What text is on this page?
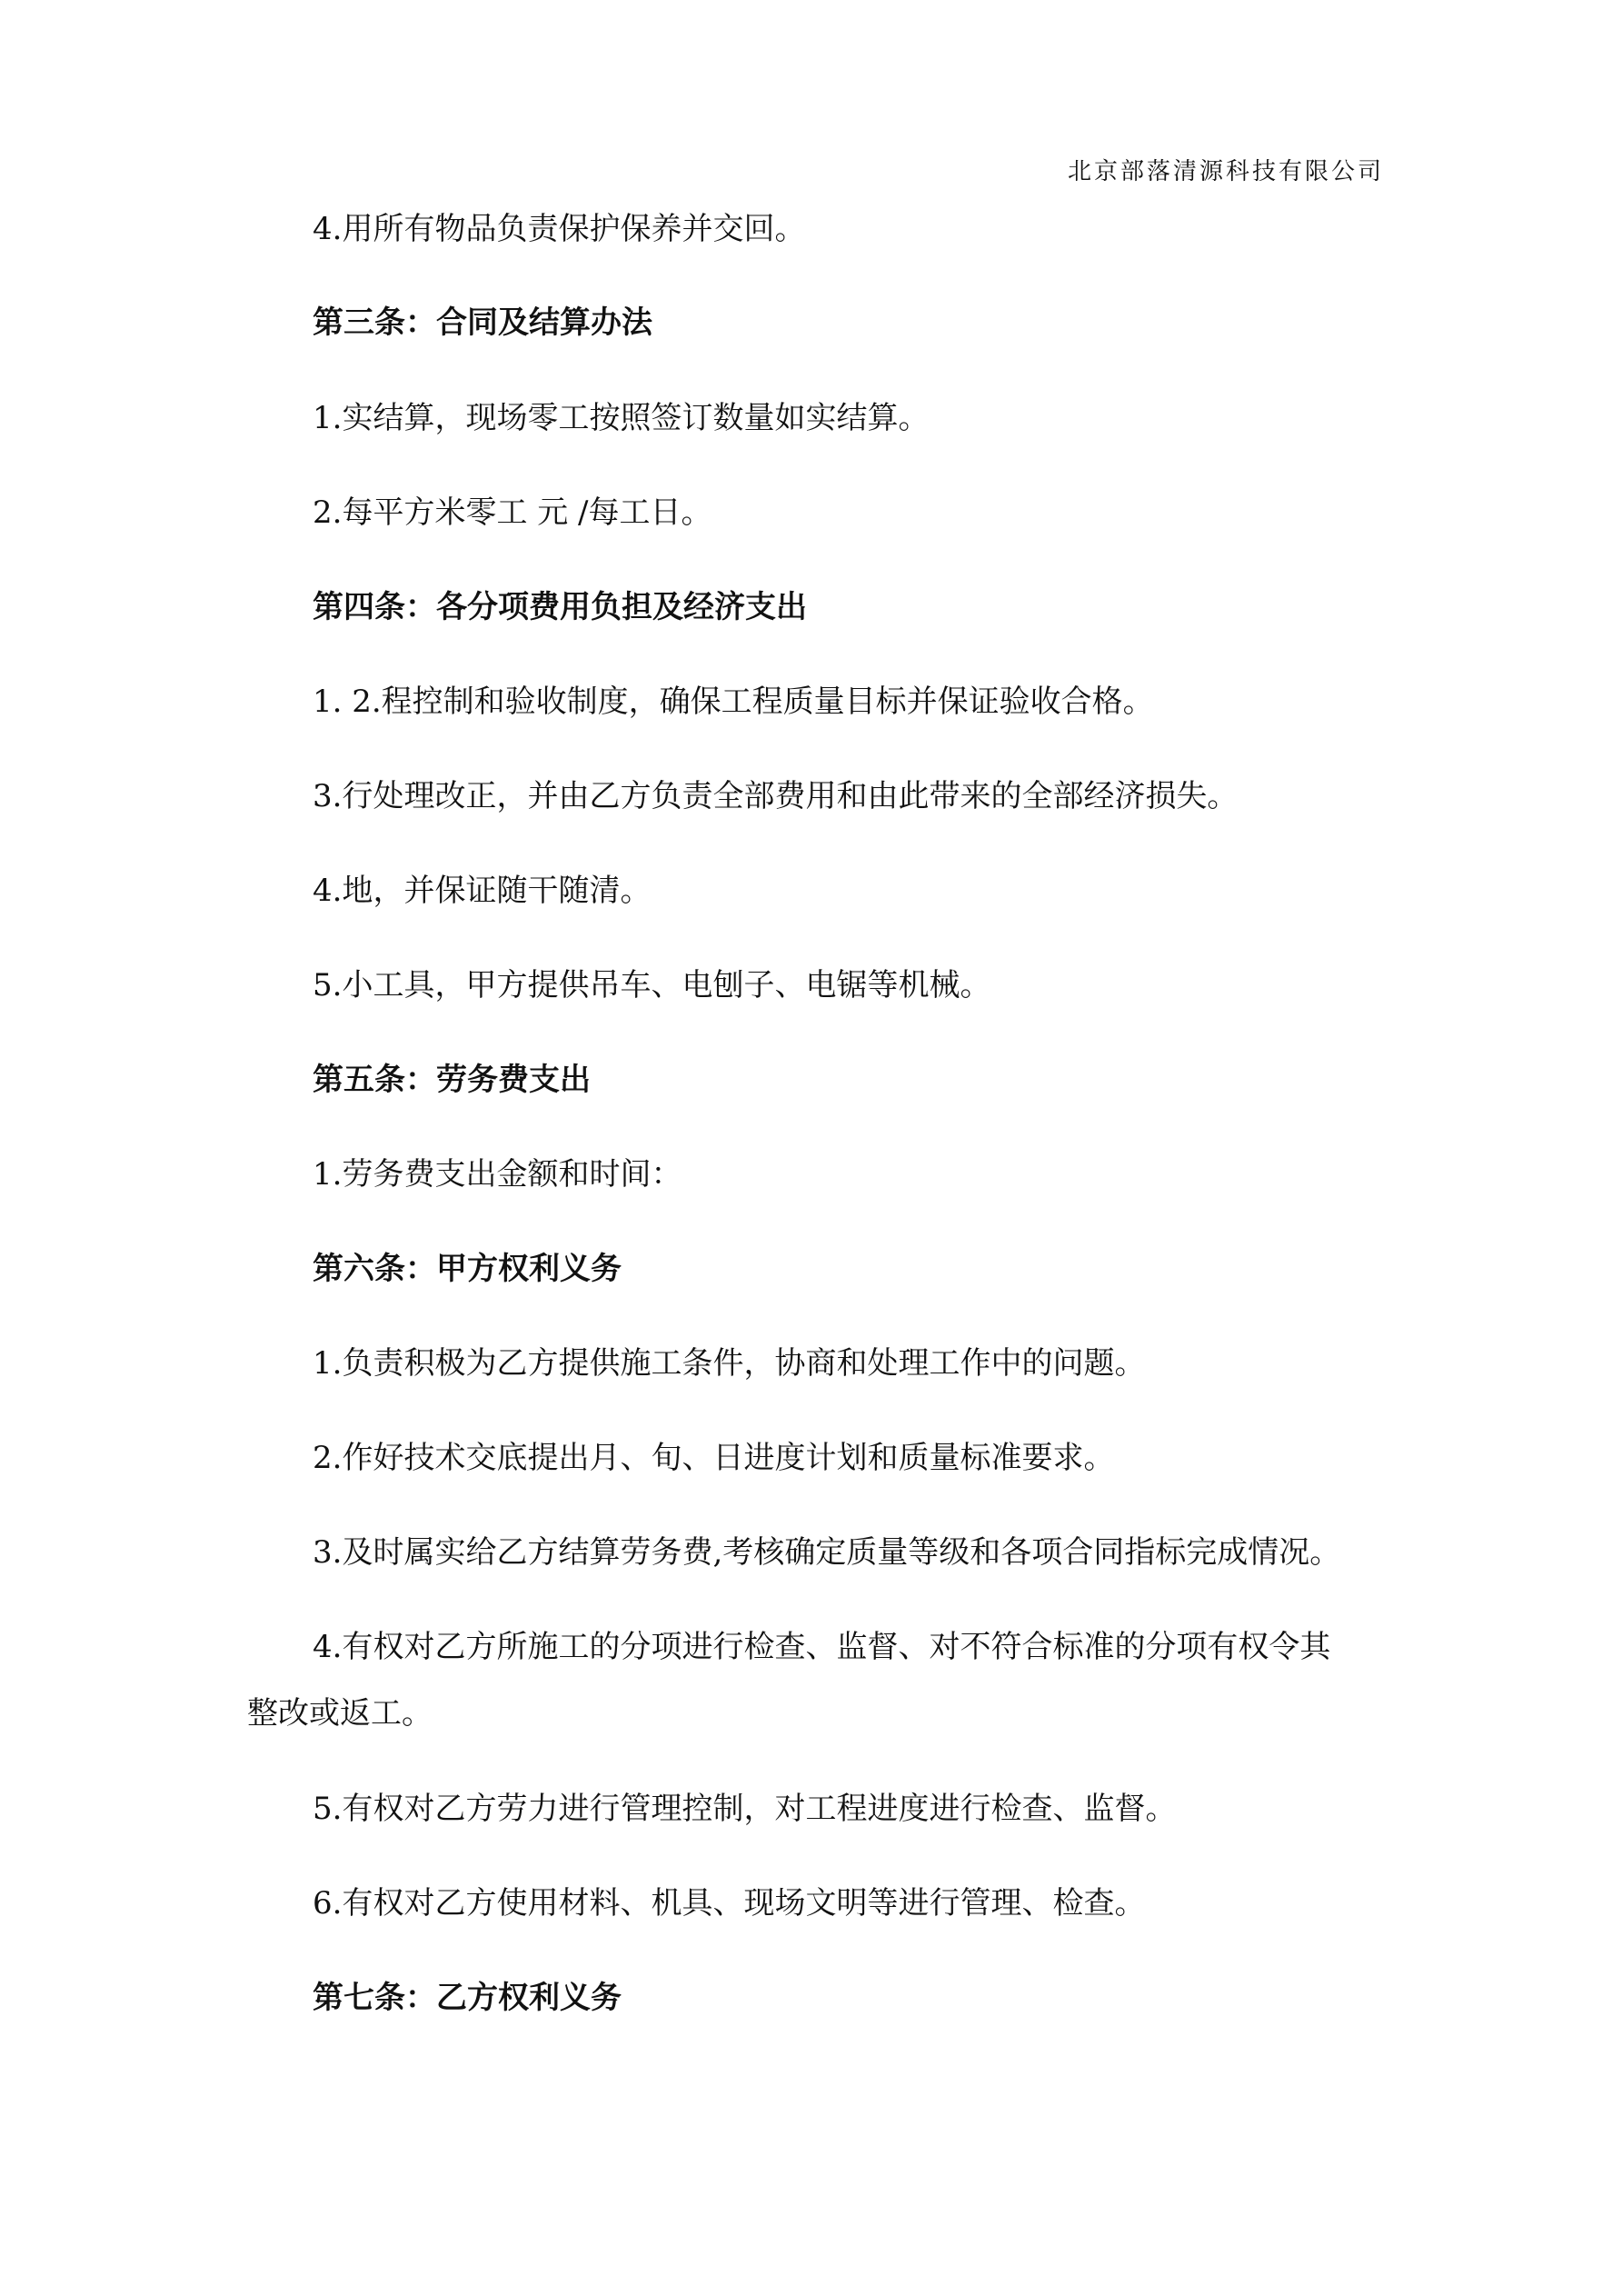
北京部落清源科技有限公司
4.用所有物品负责保护保养并交回。
第三条：合同及结算办法
1.实结算，现场零工按照签订数量如实结算。
2.每平方米零工 元 /每工日。
第四条：各分项费用负担及经济支出
1. 2.程控制和验收制度，确保工程质量目标并保证验收合格。
3.行处理改正，并由乙方负责全部费用和由此带来的全部经济损失。
4.地，并保证随干随清。
5.小工具，甲方提供吊车、电刨子、电锯等机械。
第五条：劳务费支出
1.劳务费支出金额和时间：
第六条：甲方权利义务
1.负责积极为乙方提供施工条件，协商和处理工作中的问题。
2.作好技术交底提出月、旬、日进度计划和质量标准要求。
3.及时属实给乙方结算劳务费,考核确定质量等级和各项合同指标完成情况。
4.有权对乙方所施工的分项进行检查、监督、对不符合标准的分项有权令其
整改或返工。
5.有权对乙方劳力进行管理控制，对工程进度进行检查、监督。
6.有权对乙方使用材料、机具、现场文明等进行管理、检查。
第七条：乙方权利义务
